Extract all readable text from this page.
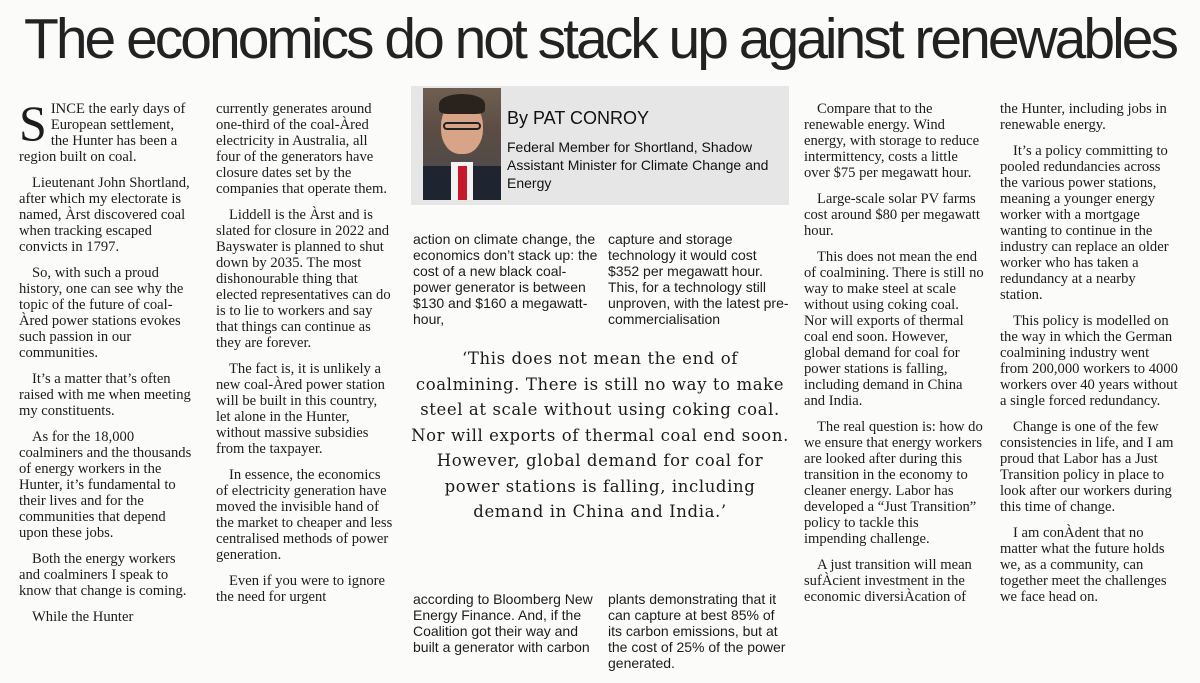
The economics do not stack up against renewables

SINCE the early days of European settlement, the Hunter has been a region built on coal.

Lieutenant John Shortland, after which my electorate is named, Àrst discovered coal when tracking escaped convicts in 1797.

So, with such a proud history, one can see why the topic of the future of coal-Àred power stations evokes such passion in our communities.

It’s a matter that’s often raised with me when meeting my constituents.

As for the 18,000 coalminers and the thousands of energy workers in the Hunter, it’s fundamental to their lives and for the communities that depend upon these jobs.

Both the energy workers and coalminers I speak to know that change is coming.

While the Hunter

currently generates around one-third of the coal-Àred electricity in Australia, all four of the generators have closure dates set by the companies that operate them.

Liddell is the Àrst and is slated for closure in 2022 and Bayswater is planned to shut down by 2035. The most dishonourable thing that elected representatives can do is to lie to workers and say that things can continue as they are forever.

The fact is, it is unlikely a new coal-Àred power station will be built in this country, let alone in the Hunter, without massive subsidies from the taxpayer.

In essence, the economics of electricity generation have moved the invisible hand of the market to cheaper and less centralised methods of power generation.

Even if you were to ignore the need for urgent

By PAT CONROY
Federal Member for Shortland, Shadow Assistant Minister for Climate Change and Energy

action on climate change, the economics don’t stack up: the cost of a new black coal-power generator is between $130 and $160 a megawatt-hour,

capture and storage technology it would cost $352 per megawatt hour. This, for a technology still unproven, with the latest pre-commercialisation

‘This does not mean the end of coalmining. There is still no way to make steel at scale without using coking coal. Nor will exports of thermal coal end soon. However, global demand for coal for power stations is falling, including demand in China and India.’

according to Bloomberg New Energy Finance. And, if the Coalition got their way and built a generator with carbon

plants demonstrating that it can capture at best 85% of its carbon emissions, but at the cost of 25% of the power generated.

Compare that to the renewable energy. Wind energy, with storage to reduce intermittency, costs a little over $75 per megawatt hour.

Large-scale solar PV farms cost around $80 per megawatt hour.

This does not mean the end of coalmining. There is still no way to make steel at scale without using coking coal. Nor will exports of thermal coal end soon. However, global demand for coal for power stations is falling, including demand in China and India.

The real question is: how do we ensure that energy workers are looked after during this transition in the economy to cleaner energy. Labor has developed a “Just Transition” policy to tackle this impending challenge.

A just transition will mean sufÀcient investment in the economic diversiÀcation of

the Hunter, including jobs in renewable energy.

It’s a policy committing to pooled redundancies across the various power stations, meaning a younger energy worker with a mortgage wanting to continue in the industry can replace an older worker who has taken a redundancy at a nearby station.

This policy is modelled on the way in which the German coalmining industry went from 200,000 workers to 4000 workers over 40 years without a single forced redundancy.

Change is one of the few consistencies in life, and I am proud that Labor has a Just Transition policy in place to look after our workers during this time of change.

I am conÀdent that no matter what the future holds we, as a community, can together meet the challenges we face head on.
